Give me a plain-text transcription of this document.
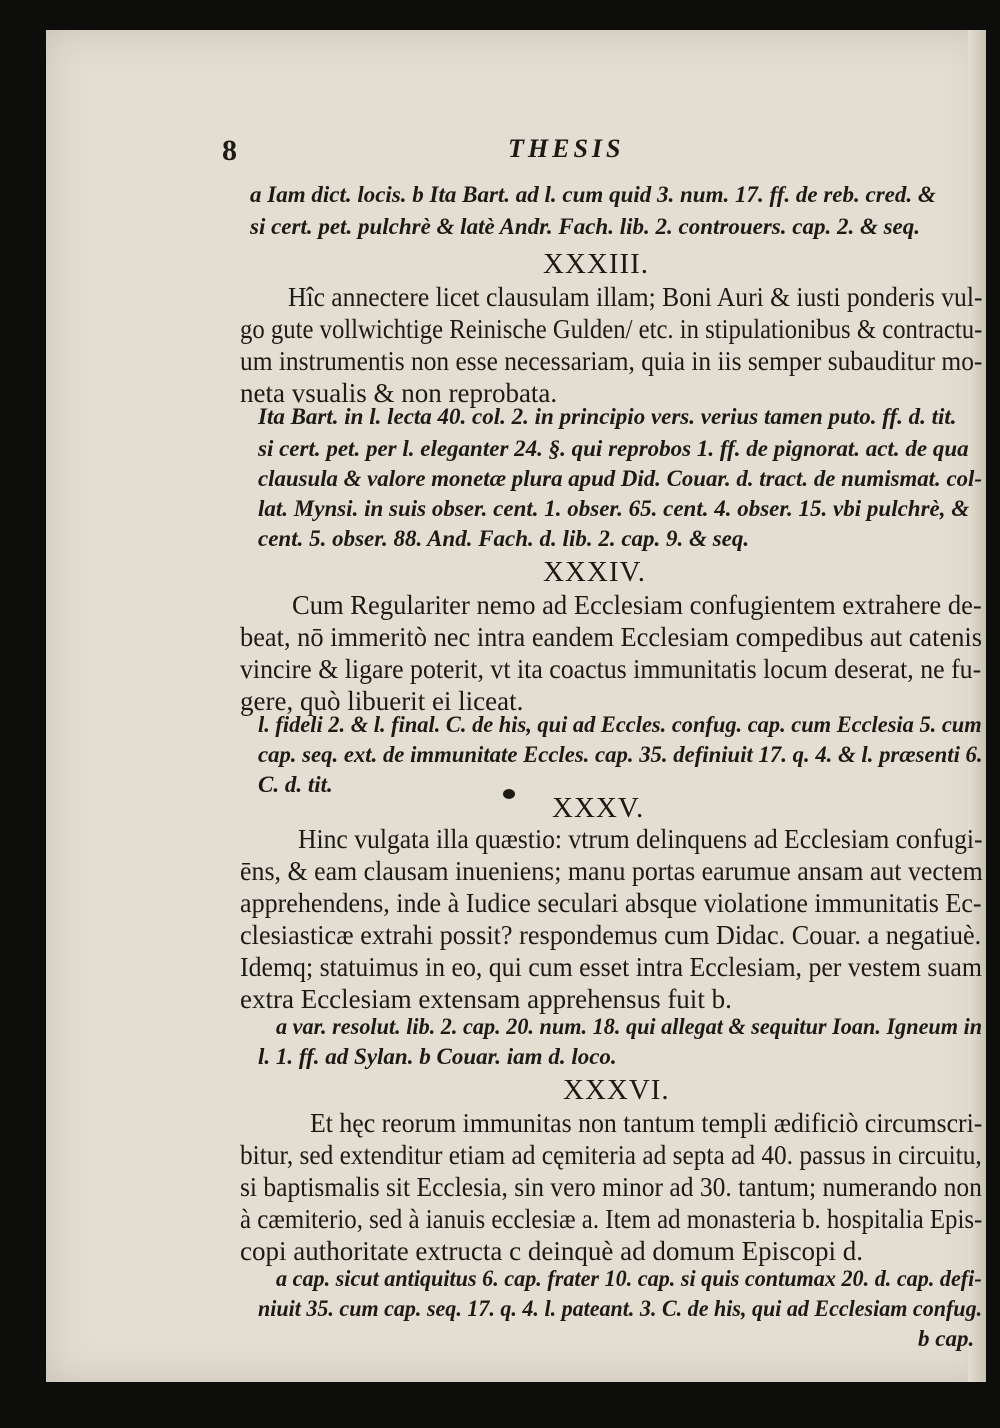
8	THESIS
a Iam dict. locis. b Ita Bart. ad l. cum quid 3. num. 17. ff. de reb. cred. &
si cert. pet. pulchrè & latè Andr. Fach. lib. 2. controuers. cap. 2. & seq.
XXXIII.
Hîc annectere licet clausulam illam; Boni Auri & iusti ponderis vul-
go gute vollwichtige Reinische Gulden/ etc. in stipulationibus & contractu-
um instrumentis non esse necessariam, quia in iis semper subauditur mo-
neta vsualis & non reprobata.
Ita Bart. in l. lecta 40. col. 2. in principio vers. verius tamen puto. ff. d. tit.
si cert. pet. per l. eleganter 24. §. qui reprobos 1. ff. de pignorat. act. de qua
clausula & valore monetæ plura apud Did. Couar. d. tract. de numismat. col-
lat. Mynsi. in suis obser. cent. 1. obser. 65. cent. 4. obser. 15. vbi pulchrè, &
cent. 5. obser. 88. And. Fach. d. lib. 2. cap. 9. & seq.
XXXIV.
Cum Regulariter nemo ad Ecclesiam confugientem extrahere de-
beat, nō immeritò nec intra eandem Ecclesiam compedibus aut catenis
vincire & ligare poterit, vt ita coactus immunitatis locum deserat, ne fu-
gere, quò libuerit ei liceat.
l. fideli 2. & l. final. C. de his, qui ad Eccles. confug. cap. cum Ecclesia 5. cum
cap. seq. ext. de immunitate Eccles. cap. 35. definiuit 17. q. 4. & l. præsenti 6.
C. d. tit.
XXXV.
Hinc vulgata illa quæstio: vtrum delinquens ad Ecclesiam confugi-
ēns, & eam clausam inueniens; manu portas earumue ansam aut vectem
apprehendens, inde à Iudice seculari absque violatione immunitatis Ec-
clesiasticæ extrahi possit? respondemus cum Didac. Couar. a negatiuè.
Idemq; statuimus in eo, qui cum esset intra Ecclesiam, per vestem suam
extra Ecclesiam extensam apprehensus fuit b.
a var. resolut. lib. 2. cap. 20. num. 18. qui allegat & sequitur Ioan. Igneum in
l. 1. ff. ad Sylan. b Couar. iam d. loco.
XXXVI.
Et hęc reorum immunitas non tantum templi ædificiò circumscri-
bitur, sed extenditur etiam ad cęmiteria ad septa ad 40. passus in circuitu,
si baptismalis sit Ecclesia, sin vero minor ad 30. tantum; numerando non
à cæmiterio, sed à ianuis ecclesiæ a. Item ad monasteria b. hospitalia Epis-
copi authoritate extructa c deinquè ad domum Episcopi d.
a cap. sicut antiquitus 6. cap. frater 10. cap. si quis contumax 20. d. cap. defi-
niuit 35. cum cap. seq. 17. q. 4. l. pateant. 3. C. de his, qui ad Ecclesiam confug.
b cap.
